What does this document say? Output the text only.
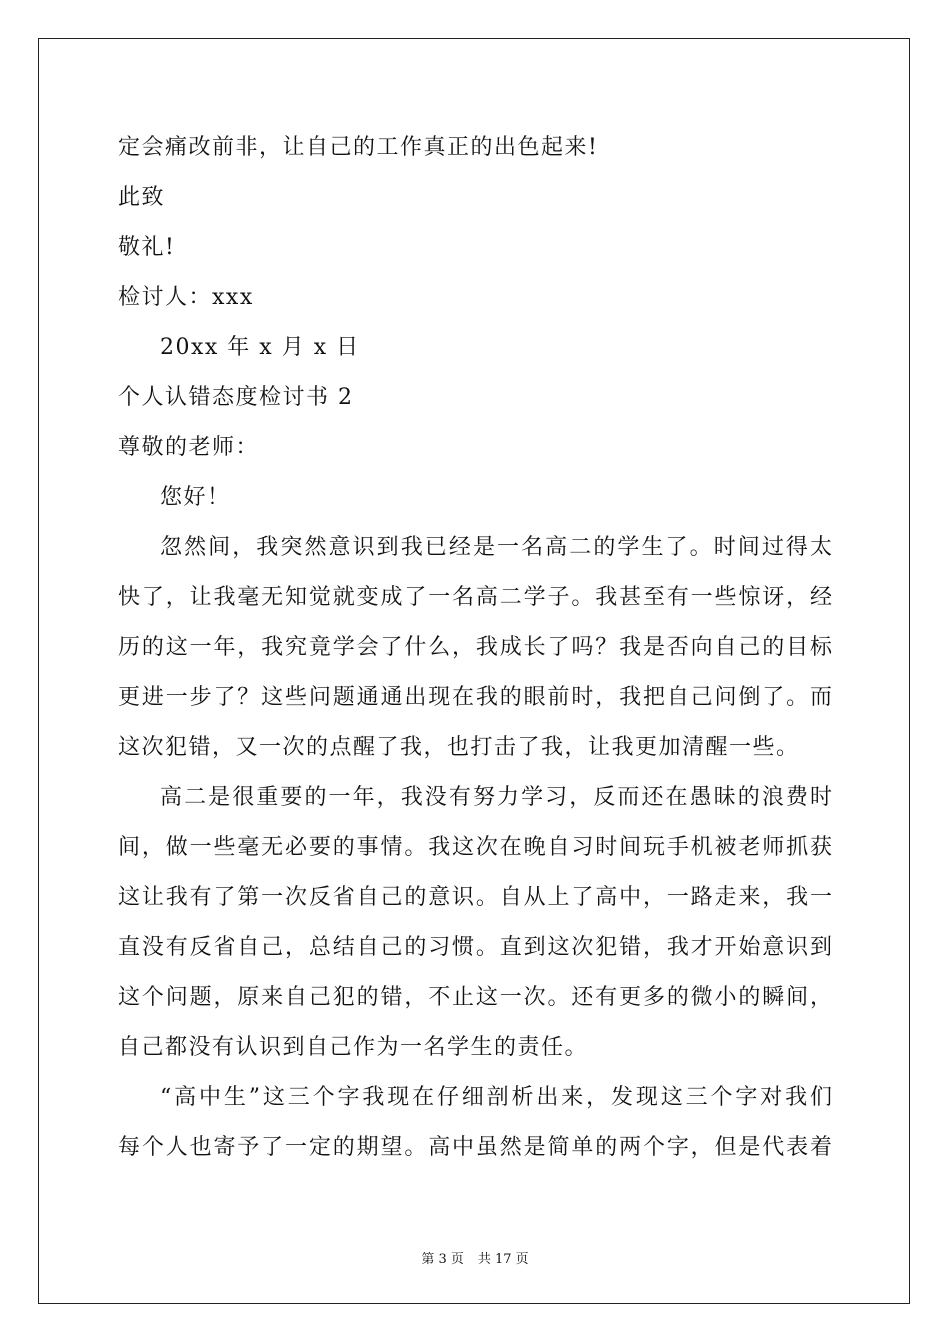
定会痛改前非，让自己的工作真正的出色起来!
此致
敬礼!
检讨人：xxx
20xx 年 x 月 x 日
个人认错态度检讨书 2
尊敬的老师：
您好！
忽然间，我突然意识到我已经是一名高二的学生了。时间过得太
快了，让我毫无知觉就变成了一名高二学子。我甚至有一些惊讶，经
历的这一年，我究竟学会了什么，我成长了吗？我是否向自己的目标
更进一步了？这些问题通通出现在我的眼前时，我把自己问倒了。而
这次犯错，又一次的点醒了我，也打击了我，让我更加清醒一些。
高二是很重要的一年，我没有努力学习，反而还在愚昧的浪费时
间，做一些毫无必要的事情。我这次在晚自习时间玩手机被老师抓获
这让我有了第一次反省自己的意识。自从上了高中，一路走来，我一
直没有反省自己，总结自己的习惯。直到这次犯错，我才开始意识到
这个问题，原来自己犯的错，不止这一次。还有更多的微小的瞬间，
自己都没有认识到自己作为一名学生的责任。
“高中生”这三个字我现在仔细剖析出来，发现这三个字对我们
每个人也寄予了一定的期望。高中虽然是简单的两个字，但是代表着
第 3 页 共 17 页
